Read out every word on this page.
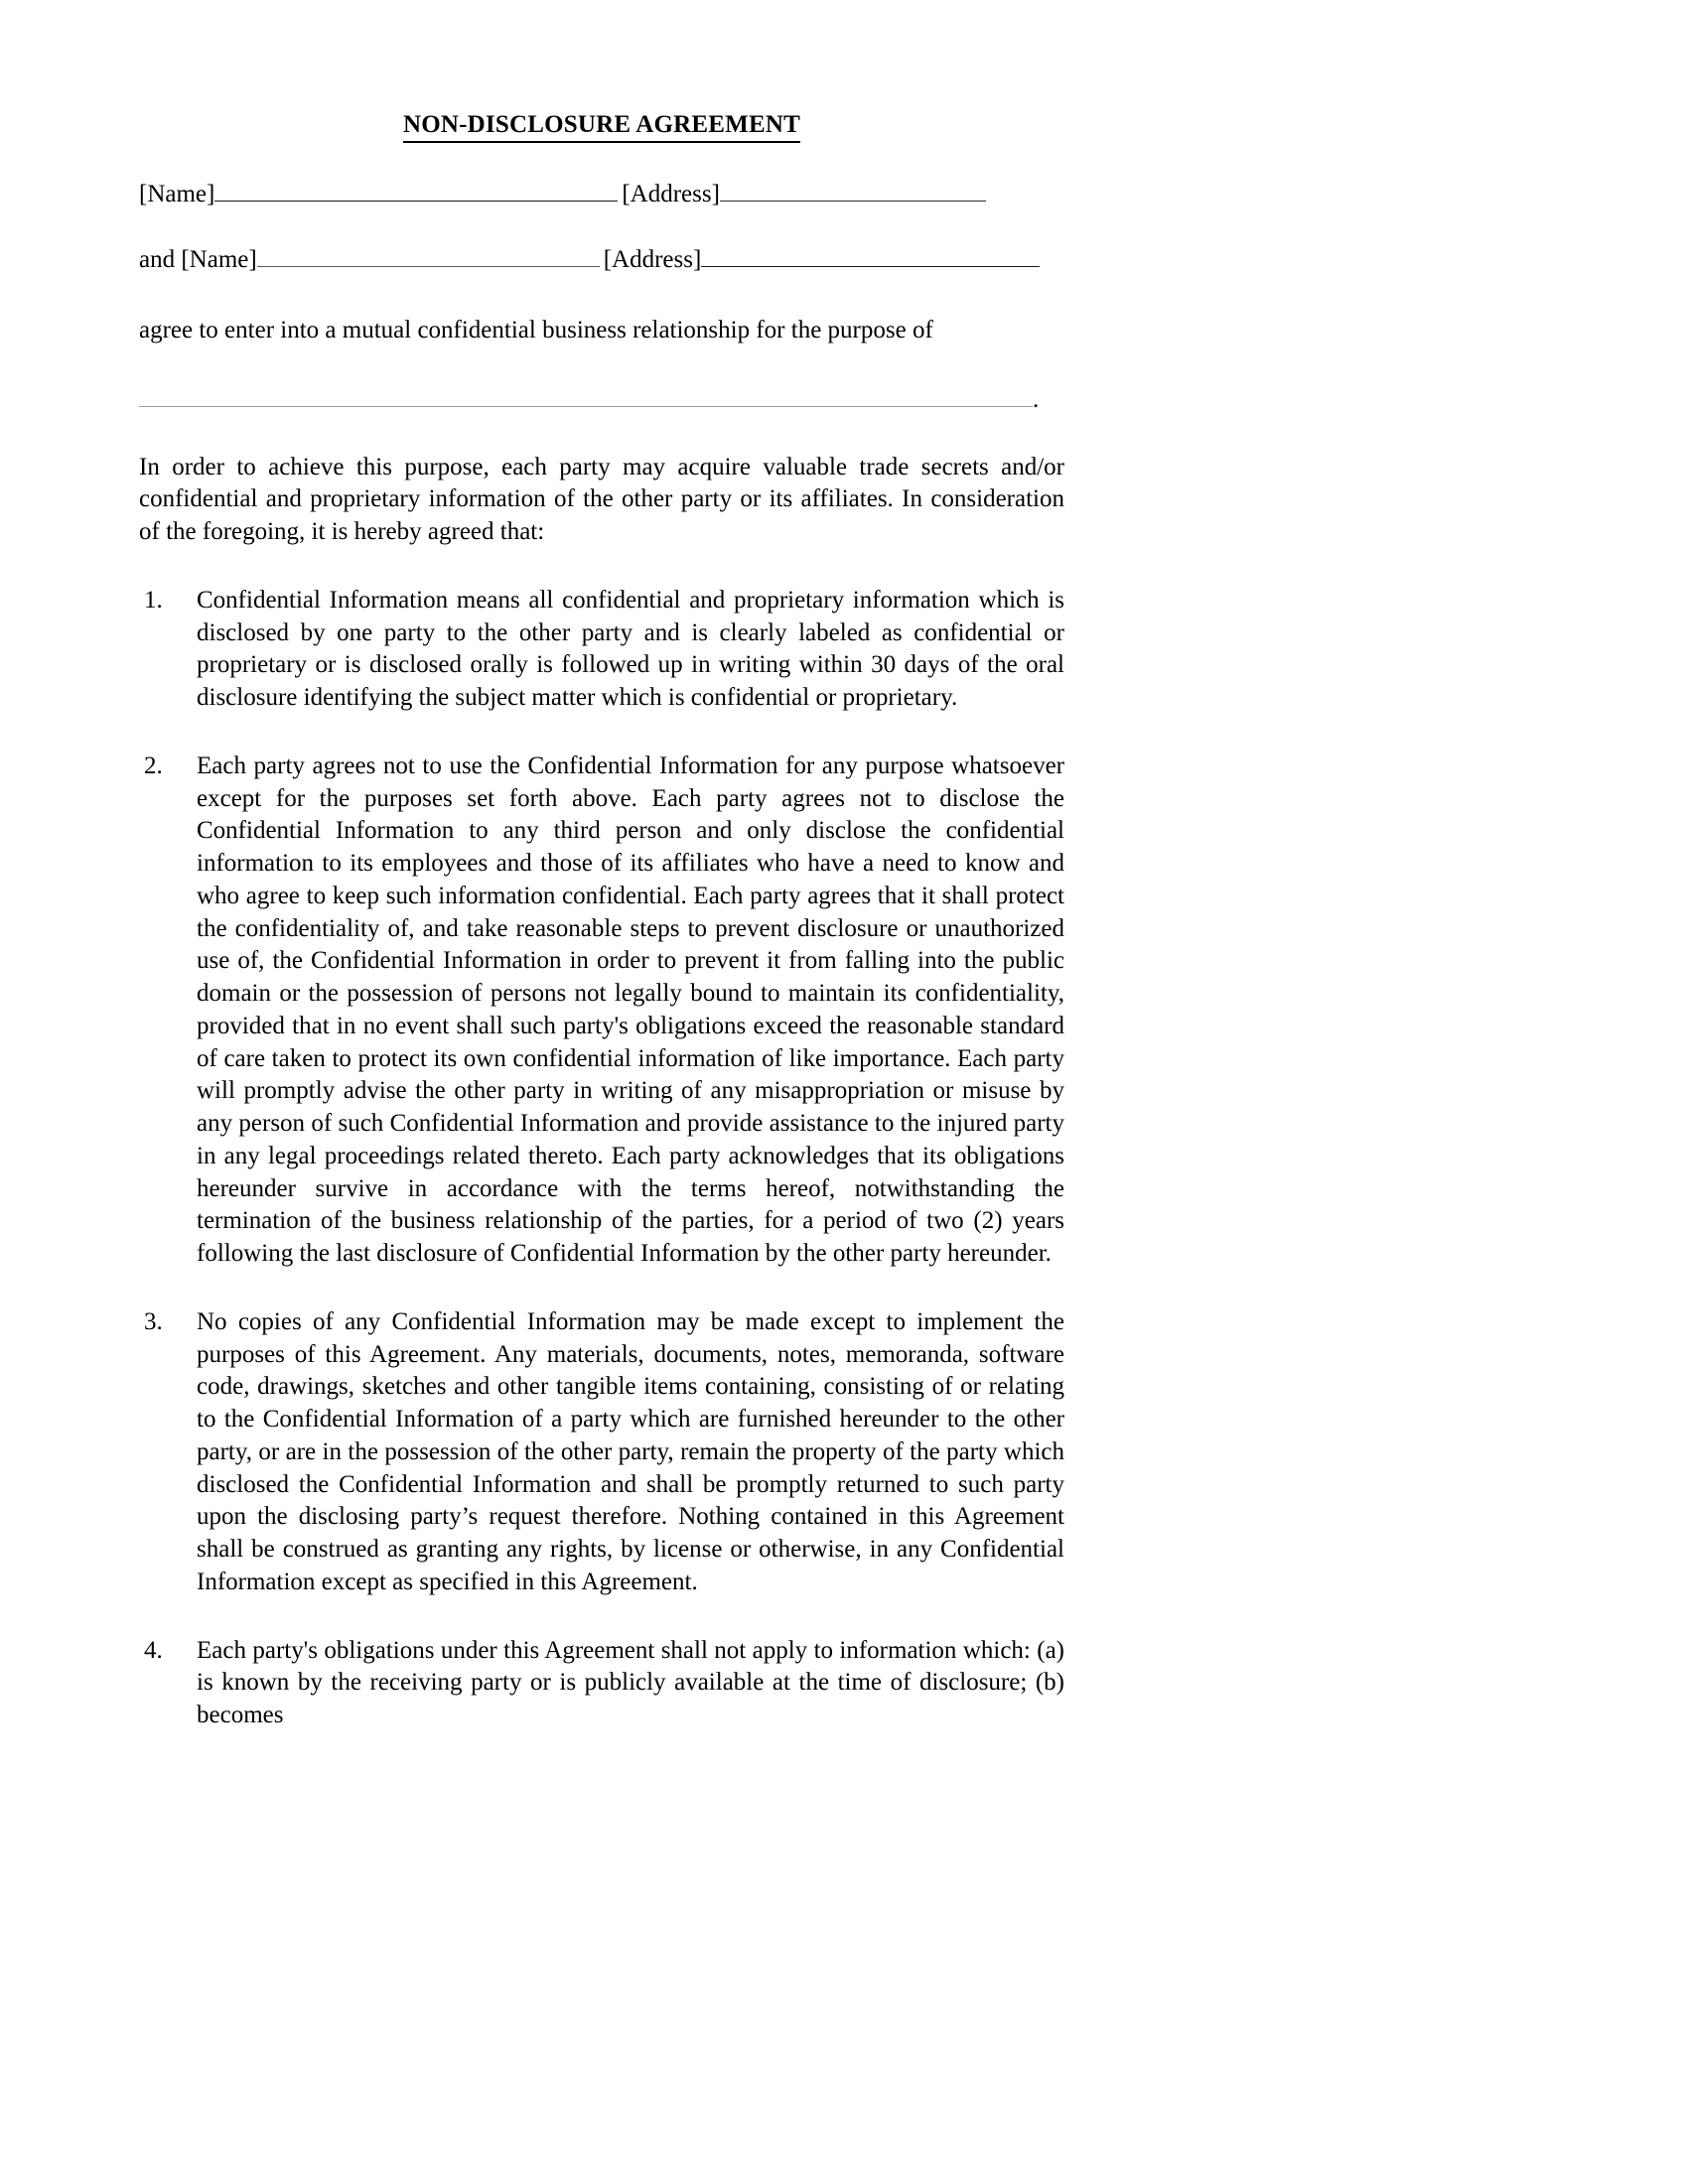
NON-DISCLOSURE AGREEMENT
[Name]	[Address]
and [Name]	[Address]
agree to enter into a mutual confidential business relationship for the purpose of
.
In order to achieve this purpose, each party may acquire valuable trade secrets and/or confidential and proprietary information of the other party or its affiliates. In consideration of the foregoing, it is hereby agreed that:
1.	Confidential Information means all confidential and proprietary information which is disclosed by one party to the other party and is clearly labeled as confidential or proprietary or is disclosed orally is followed up in writing within 30 days of the oral disclosure identifying the subject matter which is confidential or proprietary.
2.	Each party agrees not to use the Confidential Information for any purpose whatsoever except for the purposes set forth above. Each party agrees not to disclose the Confidential Information to any third person and only disclose the confidential information to its employees and those of its affiliates who have a need to know and who agree to keep such information confidential. Each party agrees that it shall protect the confidentiality of, and take reasonable steps to prevent disclosure or unauthorized use of, the Confidential Information in order to prevent it from falling into the public domain or the possession of persons not legally bound to maintain its confidentiality, provided that in no event shall such party's obligations exceed the reasonable standard of care taken to protect its own confidential information of like importance. Each party will promptly advise the other party in writing of any misappropriation or misuse by any person of such Confidential Information and provide assistance to the injured party in any legal proceedings related thereto. Each party acknowledges that its obligations hereunder survive in accordance with the terms hereof, notwithstanding the termination of the business relationship of the parties, for a period of two (2) years following the last disclosure of Confidential Information by the other party hereunder.
3.	No copies of any Confidential Information may be made except to implement the purposes of this Agreement. Any materials, documents, notes, memoranda, software code, drawings, sketches and other tangible items containing, consisting of or relating to the Confidential Information of a party which are furnished hereunder to the other party, or are in the possession of the other party, remain the property of the party which disclosed the Confidential Information and shall be promptly returned to such party upon the disclosing party’s request therefore. Nothing contained in this Agreement shall be construed as granting any rights, by license or otherwise, in any Confidential Information except as specified in this Agreement.
4.	Each party's obligations under this Agreement shall not apply to information which: (a) is known by the receiving party or is publicly available at the time of disclosure; (b) becomes
